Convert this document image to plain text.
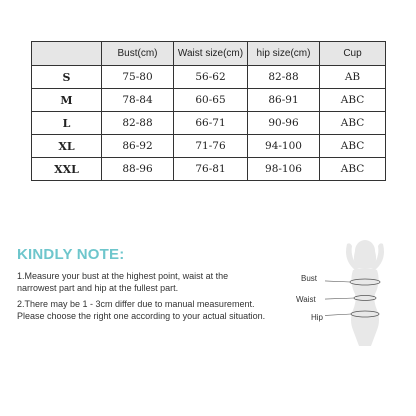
	Bust(cm)	Waist size(cm)	hip size(cm)	Cup
S	75-80	56-62	82-88	AB
M	78-84	60-65	86-91	ABC
L	82-88	66-71	90-96	ABC
XL	86-92	71-76	94-100	ABC
XXL	88-96	76-81	98-106	ABC
KINDLY NOTE:
1.Measure your bust at the highest point, waist at the
narrowest part and hip at the fullest part.
2.There may be 1 - 3cm differ due to manual measurement.
Please choose the right one according to your actual situation.
Bust
Waist
Hip
